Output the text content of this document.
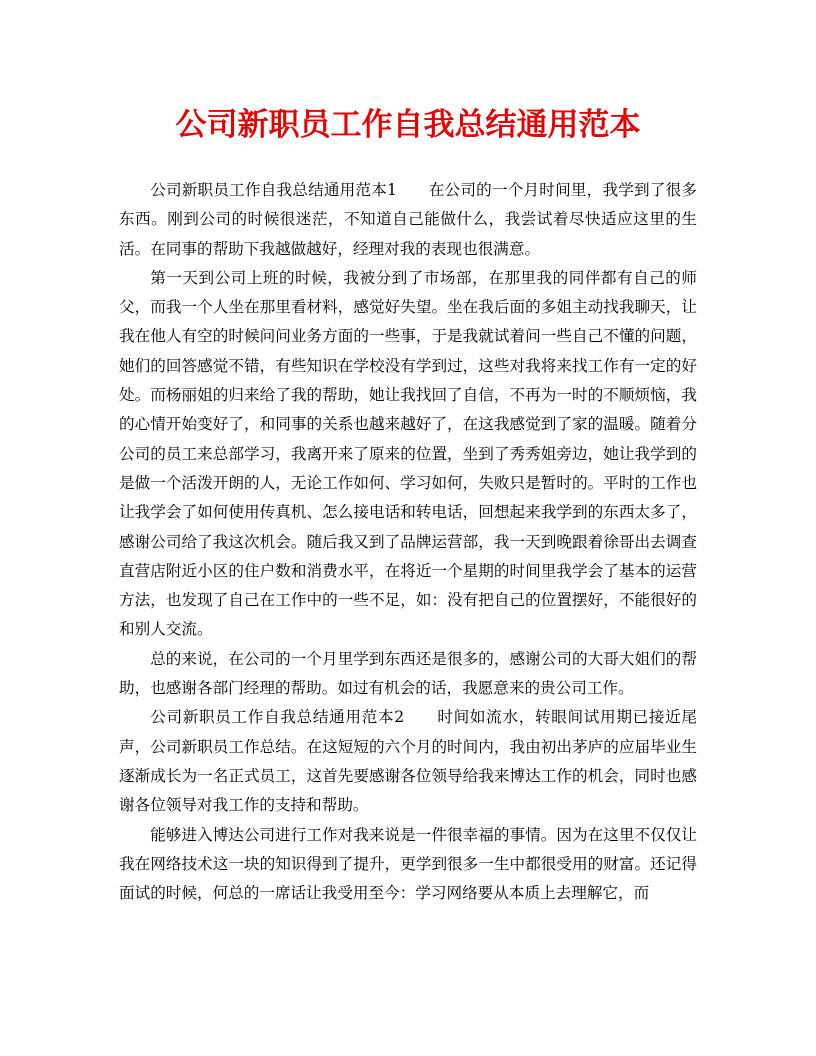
公司新职员工作自我总结通用范本

公司新职员工作自我总结通用范本1　　在公司的一个月时间里，我学到了很多东西。刚到公司的时候很迷茫，不知道自己能做什么，我尝试着尽快适应这里的生活。在同事的帮助下我越做越好，经理对我的表现也很满意。

第一天到公司上班的时候，我被分到了市场部，在那里我的同伴都有自己的师父，而我一个人坐在那里看材料，感觉好失望。坐在我后面的多姐主动找我聊天，让我在他人有空的时候问问业务方面的一些事，于是我就试着问一些自己不懂的问题，她们的回答感觉不错，有些知识在学校没有学到过，这些对我将来找工作有一定的好处。而杨丽姐的归来给了我的帮助，她让我找回了自信，不再为一时的不顺烦恼，我的心情开始变好了，和同事的关系也越来越好了，在这我感觉到了家的温暖。随着分公司的员工来总部学习，我离开来了原来的位置，坐到了秀秀姐旁边，她让我学到的是做一个活泼开朗的人，无论工作如何、学习如何，失败只是暂时的。平时的工作也让我学会了如何使用传真机、怎么接电话和转电话，回想起来我学到的东西太多了，感谢公司给了我这次机会。随后我又到了品牌运营部，我一天到晚跟着徐哥出去调查直营店附近小区的住户数和消费水平，在将近一个星期的时间里我学会了基本的运营方法，也发现了自己在工作中的一些不足，如：没有把自己的位置摆好，不能很好的和别人交流。

总的来说，在公司的一个月里学到东西还是很多的，感谢公司的大哥大姐们的帮助，也感谢各部门经理的帮助。如过有机会的话，我愿意来的贵公司工作。

公司新职员工作自我总结通用范本2　　时间如流水，转眼间试用期已接近尾声，公司新职员工作总结。在这短短的六个月的时间内，我由初出茅庐的应届毕业生逐渐成长为一名正式员工，这首先要感谢各位领导给我来博达工作的机会，同时也感谢各位领导对我工作的支持和帮助。

能够进入博达公司进行工作对我来说是一件很幸福的事情。因为在这里不仅仅让我在网络技术这一块的知识得到了提升，更学到很多一生中都很受用的财富。还记得面试的时候，何总的一席话让我受用至今：学习网络要从本质上去理解它，而
